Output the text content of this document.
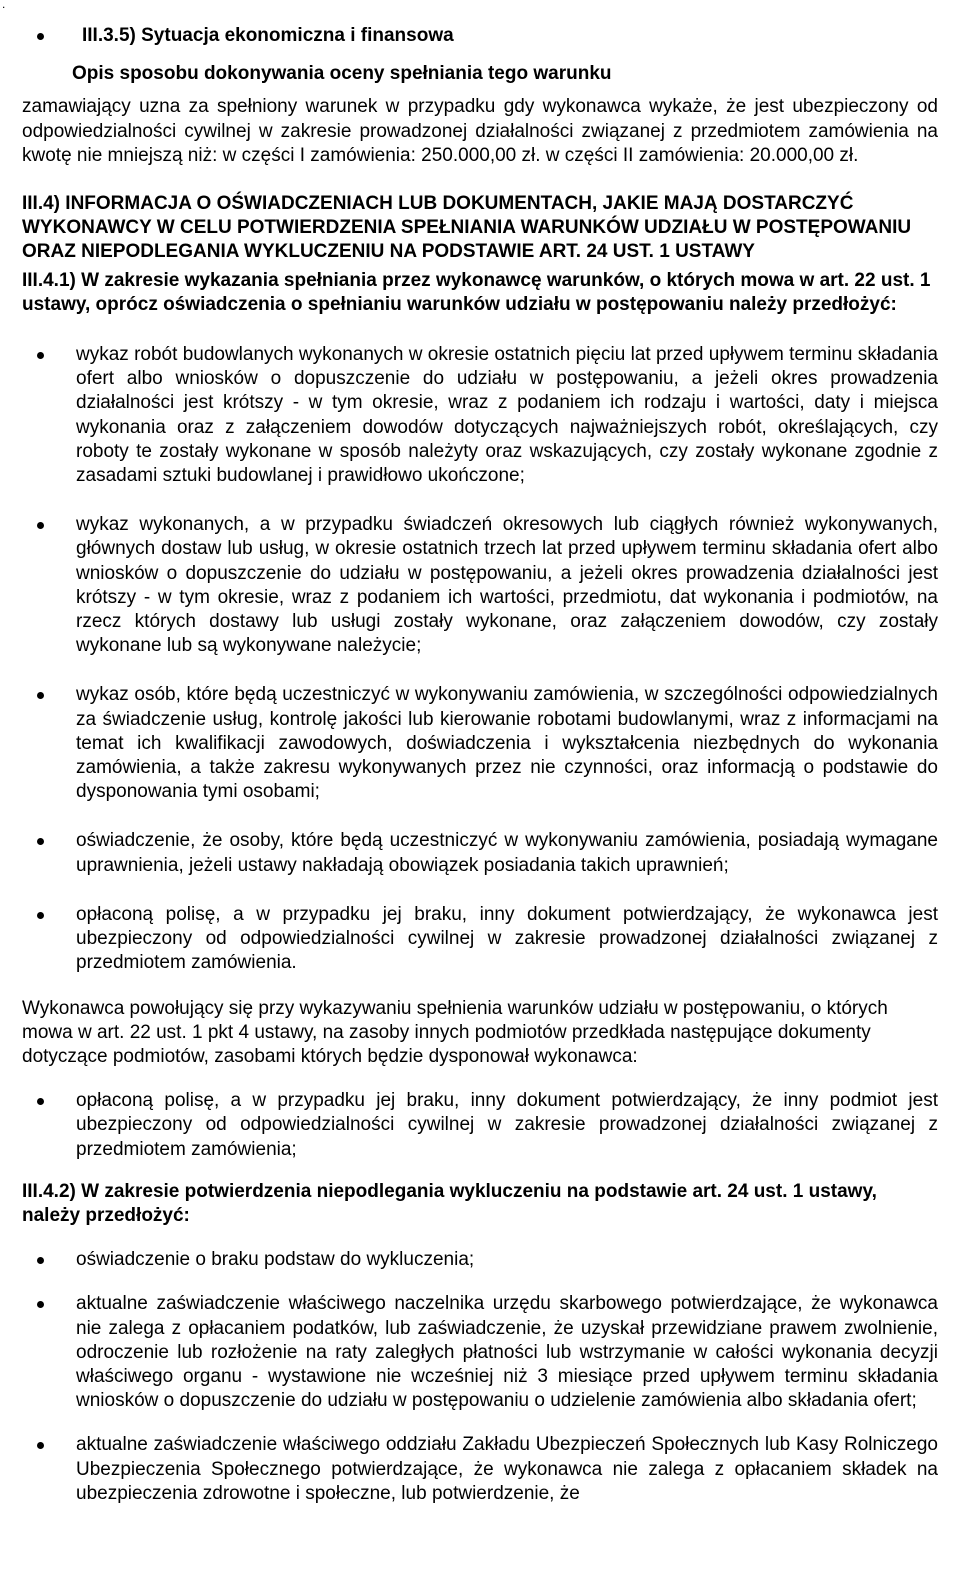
.
III.3.5) Sytuacja ekonomiczna i finansowa
Opis sposobu dokonywania oceny spełniania tego warunku
zamawiający uzna za spełniony warunek w przypadku gdy wykonawca wykaże, że jest ubezpieczony od odpowiedzialności cywilnej w zakresie prowadzonej działalności związanej z przedmiotem zamówienia na kwotę nie mniejszą niż: w części I zamówienia: 250.000,00 zł. w części II zamówienia: 20.000,00 zł.
III.4) INFORMACJA O OŚWIADCZENIACH LUB DOKUMENTACH, JAKIE MAJĄ DOSTARCZYĆ WYKONAWCY W CELU POTWIERDZENIA SPEŁNIANIA WARUNKÓW UDZIAŁU W POSTĘPOWANIU ORAZ NIEPODLEGANIA WYKLUCZENIU NA PODSTAWIE ART. 24 UST. 1 USTAWY
III.4.1) W zakresie wykazania spełniania przez wykonawcę warunków, o których mowa w art. 22 ust. 1 ustawy, oprócz oświadczenia o spełnianiu warunków udziału w postępowaniu należy przedłożyć:
wykaz robót budowlanych wykonanych w okresie ostatnich pięciu lat przed upływem terminu składania ofert albo wniosków o dopuszczenie do udziału w postępowaniu, a jeżeli okres prowadzenia działalności jest krótszy - w tym okresie, wraz z podaniem ich rodzaju i wartości, daty i miejsca wykonania oraz z załączeniem dowodów dotyczących najważniejszych robót, określających, czy roboty te zostały wykonane w sposób należyty oraz wskazujących, czy zostały wykonane zgodnie z zasadami sztuki budowlanej i prawidłowo ukończone;
wykaz wykonanych, a w przypadku świadczeń okresowych lub ciągłych również wykonywanych, głównych dostaw lub usług, w okresie ostatnich trzech lat przed upływem terminu składania ofert albo wniosków o dopuszczenie do udziału w postępowaniu, a jeżeli okres prowadzenia działalności jest krótszy - w tym okresie, wraz z podaniem ich wartości, przedmiotu, dat wykonania i podmiotów, na rzecz których dostawy lub usługi zostały wykonane, oraz załączeniem dowodów, czy zostały wykonane lub są wykonywane należycie;
wykaz osób, które będą uczestniczyć w wykonywaniu zamówienia, w szczególności odpowiedzialnych za świadczenie usług, kontrolę jakości lub kierowanie robotami budowlanymi, wraz z informacjami na temat ich kwalifikacji zawodowych, doświadczenia i wykształcenia niezbędnych do wykonania zamówienia, a także zakresu wykonywanych przez nie czynności, oraz informacją o podstawie do dysponowania tymi osobami;
oświadczenie, że osoby, które będą uczestniczyć w wykonywaniu zamówienia, posiadają wymagane uprawnienia, jeżeli ustawy nakładają obowiązek posiadania takich uprawnień;
opłaconą polisę, a w przypadku jej braku, inny dokument potwierdzający, że wykonawca jest ubezpieczony od odpowiedzialności cywilnej w zakresie prowadzonej działalności związanej z przedmiotem zamówienia.
Wykonawca powołujący się przy wykazywaniu spełnienia warunków udziału w postępowaniu, o których mowa w art. 22 ust. 1 pkt 4 ustawy, na zasoby innych podmiotów przedkłada następujące dokumenty dotyczące podmiotów, zasobami których będzie dysponował wykonawca:
opłaconą polisę, a w przypadku jej braku, inny dokument potwierdzający, że inny podmiot jest ubezpieczony od odpowiedzialności cywilnej w zakresie prowadzonej działalności związanej z przedmiotem zamówienia;
III.4.2) W zakresie potwierdzenia niepodlegania wykluczeniu na podstawie art. 24 ust. 1 ustawy, należy przedłożyć:
oświadczenie o braku podstaw do wykluczenia;
aktualne zaświadczenie właściwego naczelnika urzędu skarbowego potwierdzające, że wykonawca nie zalega z opłacaniem podatków, lub zaświadczenie, że uzyskał przewidziane prawem zwolnienie, odroczenie lub rozłożenie na raty zaległych płatności lub wstrzymanie w całości wykonania decyzji właściwego organu - wystawione nie wcześniej niż 3 miesiące przed upływem terminu składania wniosków o dopuszczenie do udziału w postępowaniu o udzielenie zamówienia albo składania ofert;
aktualne zaświadczenie właściwego oddziału Zakładu Ubezpieczeń Społecznych lub Kasy Rolniczego Ubezpieczenia Społecznego potwierdzające, że wykonawca nie zalega z opłacaniem składek na ubezpieczenia zdrowotne i społeczne, lub potwierdzenie, że
